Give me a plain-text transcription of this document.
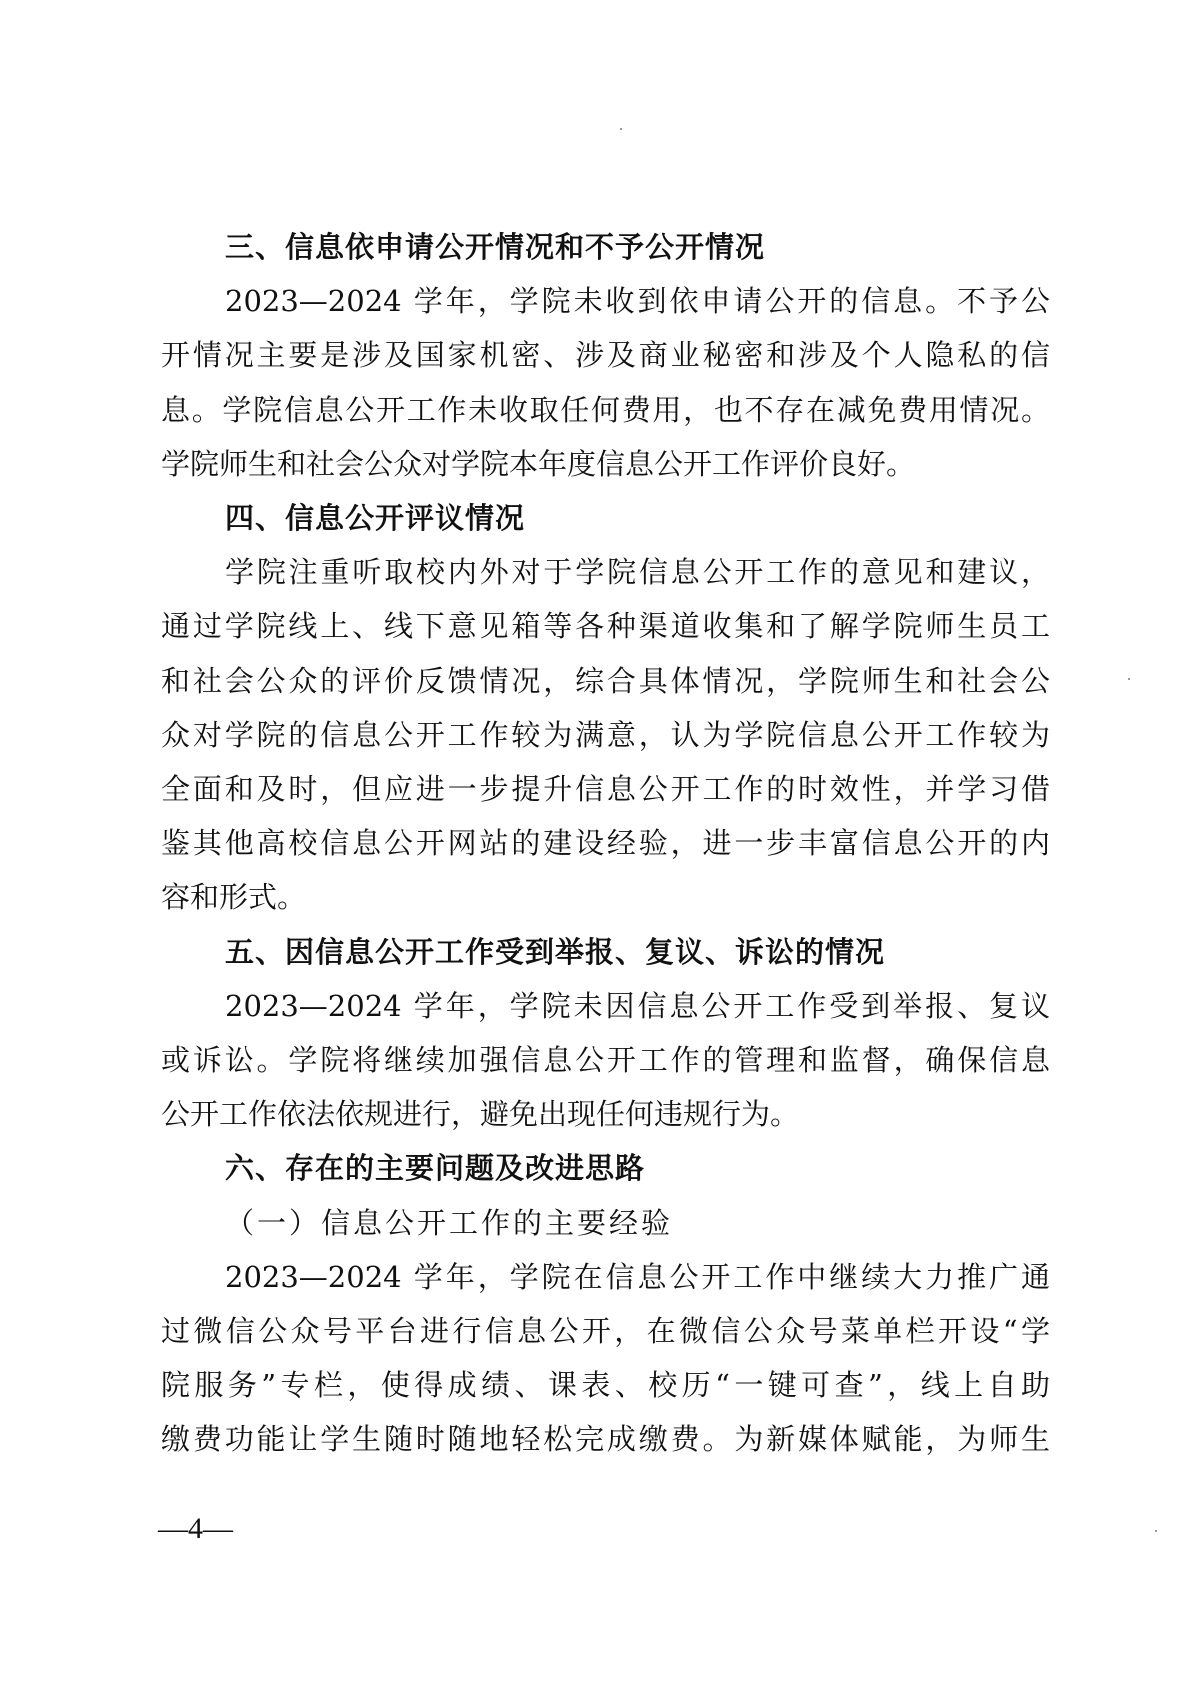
三、信息依申请公开情况和不予公开情况
2023—2024 学年，学院未收到依申请公开的信息。不予公
开情况主要是涉及国家机密、涉及商业秘密和涉及个人隐私的信
息。学院信息公开工作未收取任何费用，也不存在减免费用情况。
学院师生和社会公众对学院本年度信息公开工作评价良好。
四、信息公开评议情况
学院注重听取校内外对于学院信息公开工作的意见和建议，
通过学院线上、线下意见箱等各种渠道收集和了解学院师生员工
和社会公众的评价反馈情况，综合具体情况，学院师生和社会公
众对学院的信息公开工作较为满意，认为学院信息公开工作较为
全面和及时，但应进一步提升信息公开工作的时效性，并学习借
鉴其他高校信息公开网站的建设经验，进一步丰富信息公开的内
容和形式。
五、因信息公开工作受到举报、复议、诉讼的情况
2023—2024 学年，学院未因信息公开工作受到举报、复议
或诉讼。学院将继续加强信息公开工作的管理和监督，确保信息
公开工作依法依规进行，避免出现任何违规行为。
六、存在的主要问题及改进思路
（一）信息公开工作的主要经验
2023—2024 学年，学院在信息公开工作中继续大力推广通
过微信公众号平台进行信息公开，在微信公众号菜单栏开设“学
院服务”专栏，使得成绩、课表、校历“一键可查”，线上自助
缴费功能让学生随时随地轻松完成缴费。为新媒体赋能，为师生
—4—
